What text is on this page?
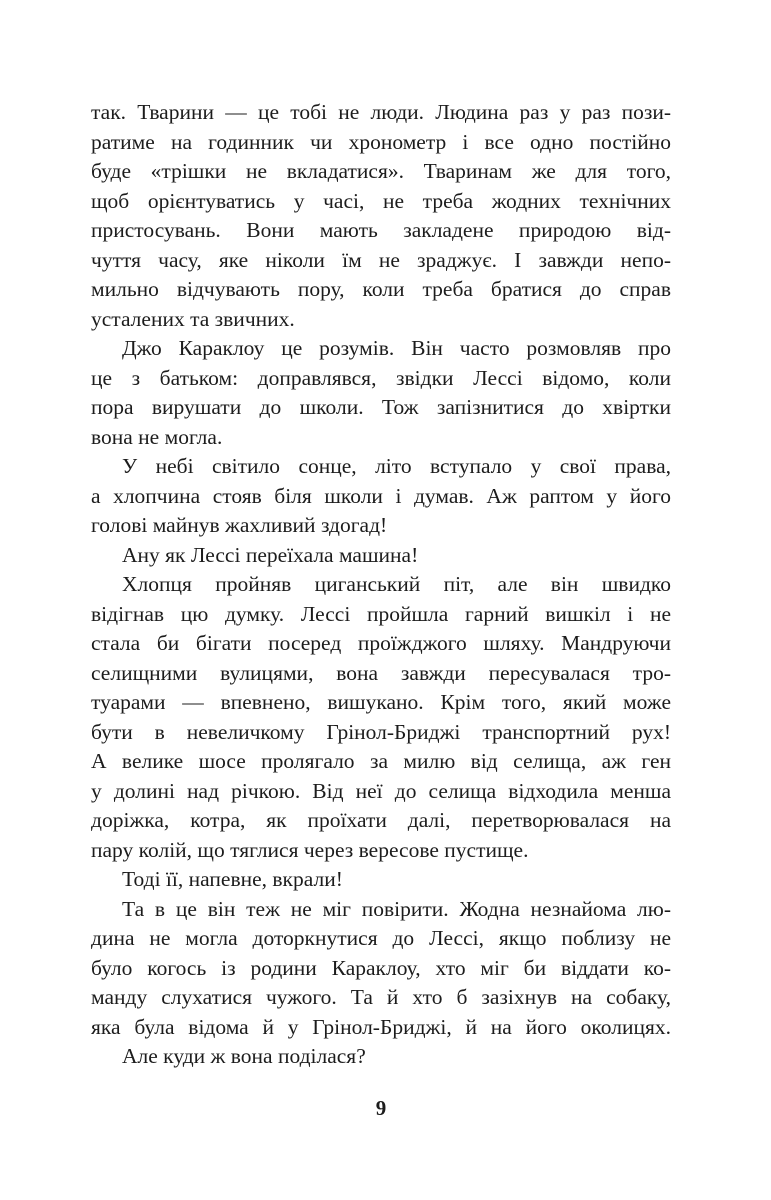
так. Тварини — це тобі не люди. Людина раз у раз пози-
ратиме на годинник чи хронометр і все одно постійно
буде «трішки не вкладатися». Тваринам же для того,
щоб орієнтуватись у часі, не треба жодних технічних
пристосувань. Вони мають закладене природою від-
чуття часу, яке ніколи їм не зраджує. І завжди непо-
мильно відчувають пору, коли треба братися до справ
усталених та звичних.
Джо Караклоу це розумів. Він часто розмовляв про
це з батьком: доправлявся, звідки Лессі відомо, коли
пора вирушати до школи. Тож запізнитися до хвіртки
вона не могла.
У небі світило сонце, літо вступало у свої права,
а хлопчина стояв біля школи і думав. Аж раптом у його
голові майнув жахливий здогад!
Ану як Лессі переїхала машина!
Хлопця пройняв циганський піт, але він швидко
відігнав цю думку. Лессі пройшла гарний вишкіл і не
стала би бігати посеред проїжджого шляху. Мандруючи
селищними вулицями, вона завжди пересувалася тро-
туарами — впевнено, вишукано. Крім того, який може
бути в невеличкому Грінол-Бриджі транспортний рух!
А велике шосе пролягало за милю від селища, аж ген
у долині над річкою. Від неї до селища відходила менша
доріжка, котра, як проїхати далі, перетворювалася на
пару колій, що тяглися через вересове пустище.
Тоді її, напевне, вкрали!
Та в це він теж не міг повірити. Жодна незнайома лю-
дина не могла доторкнутися до Лессі, якщо поблизу не
було когось із родини Караклоу, хто міг би віддати ко-
манду слухатися чужого. Та й хто б зазіхнув на собаку,
яка була відома й у Грінол-Бриджі, й на його околицях.
Але куди ж вона поділася?
9
